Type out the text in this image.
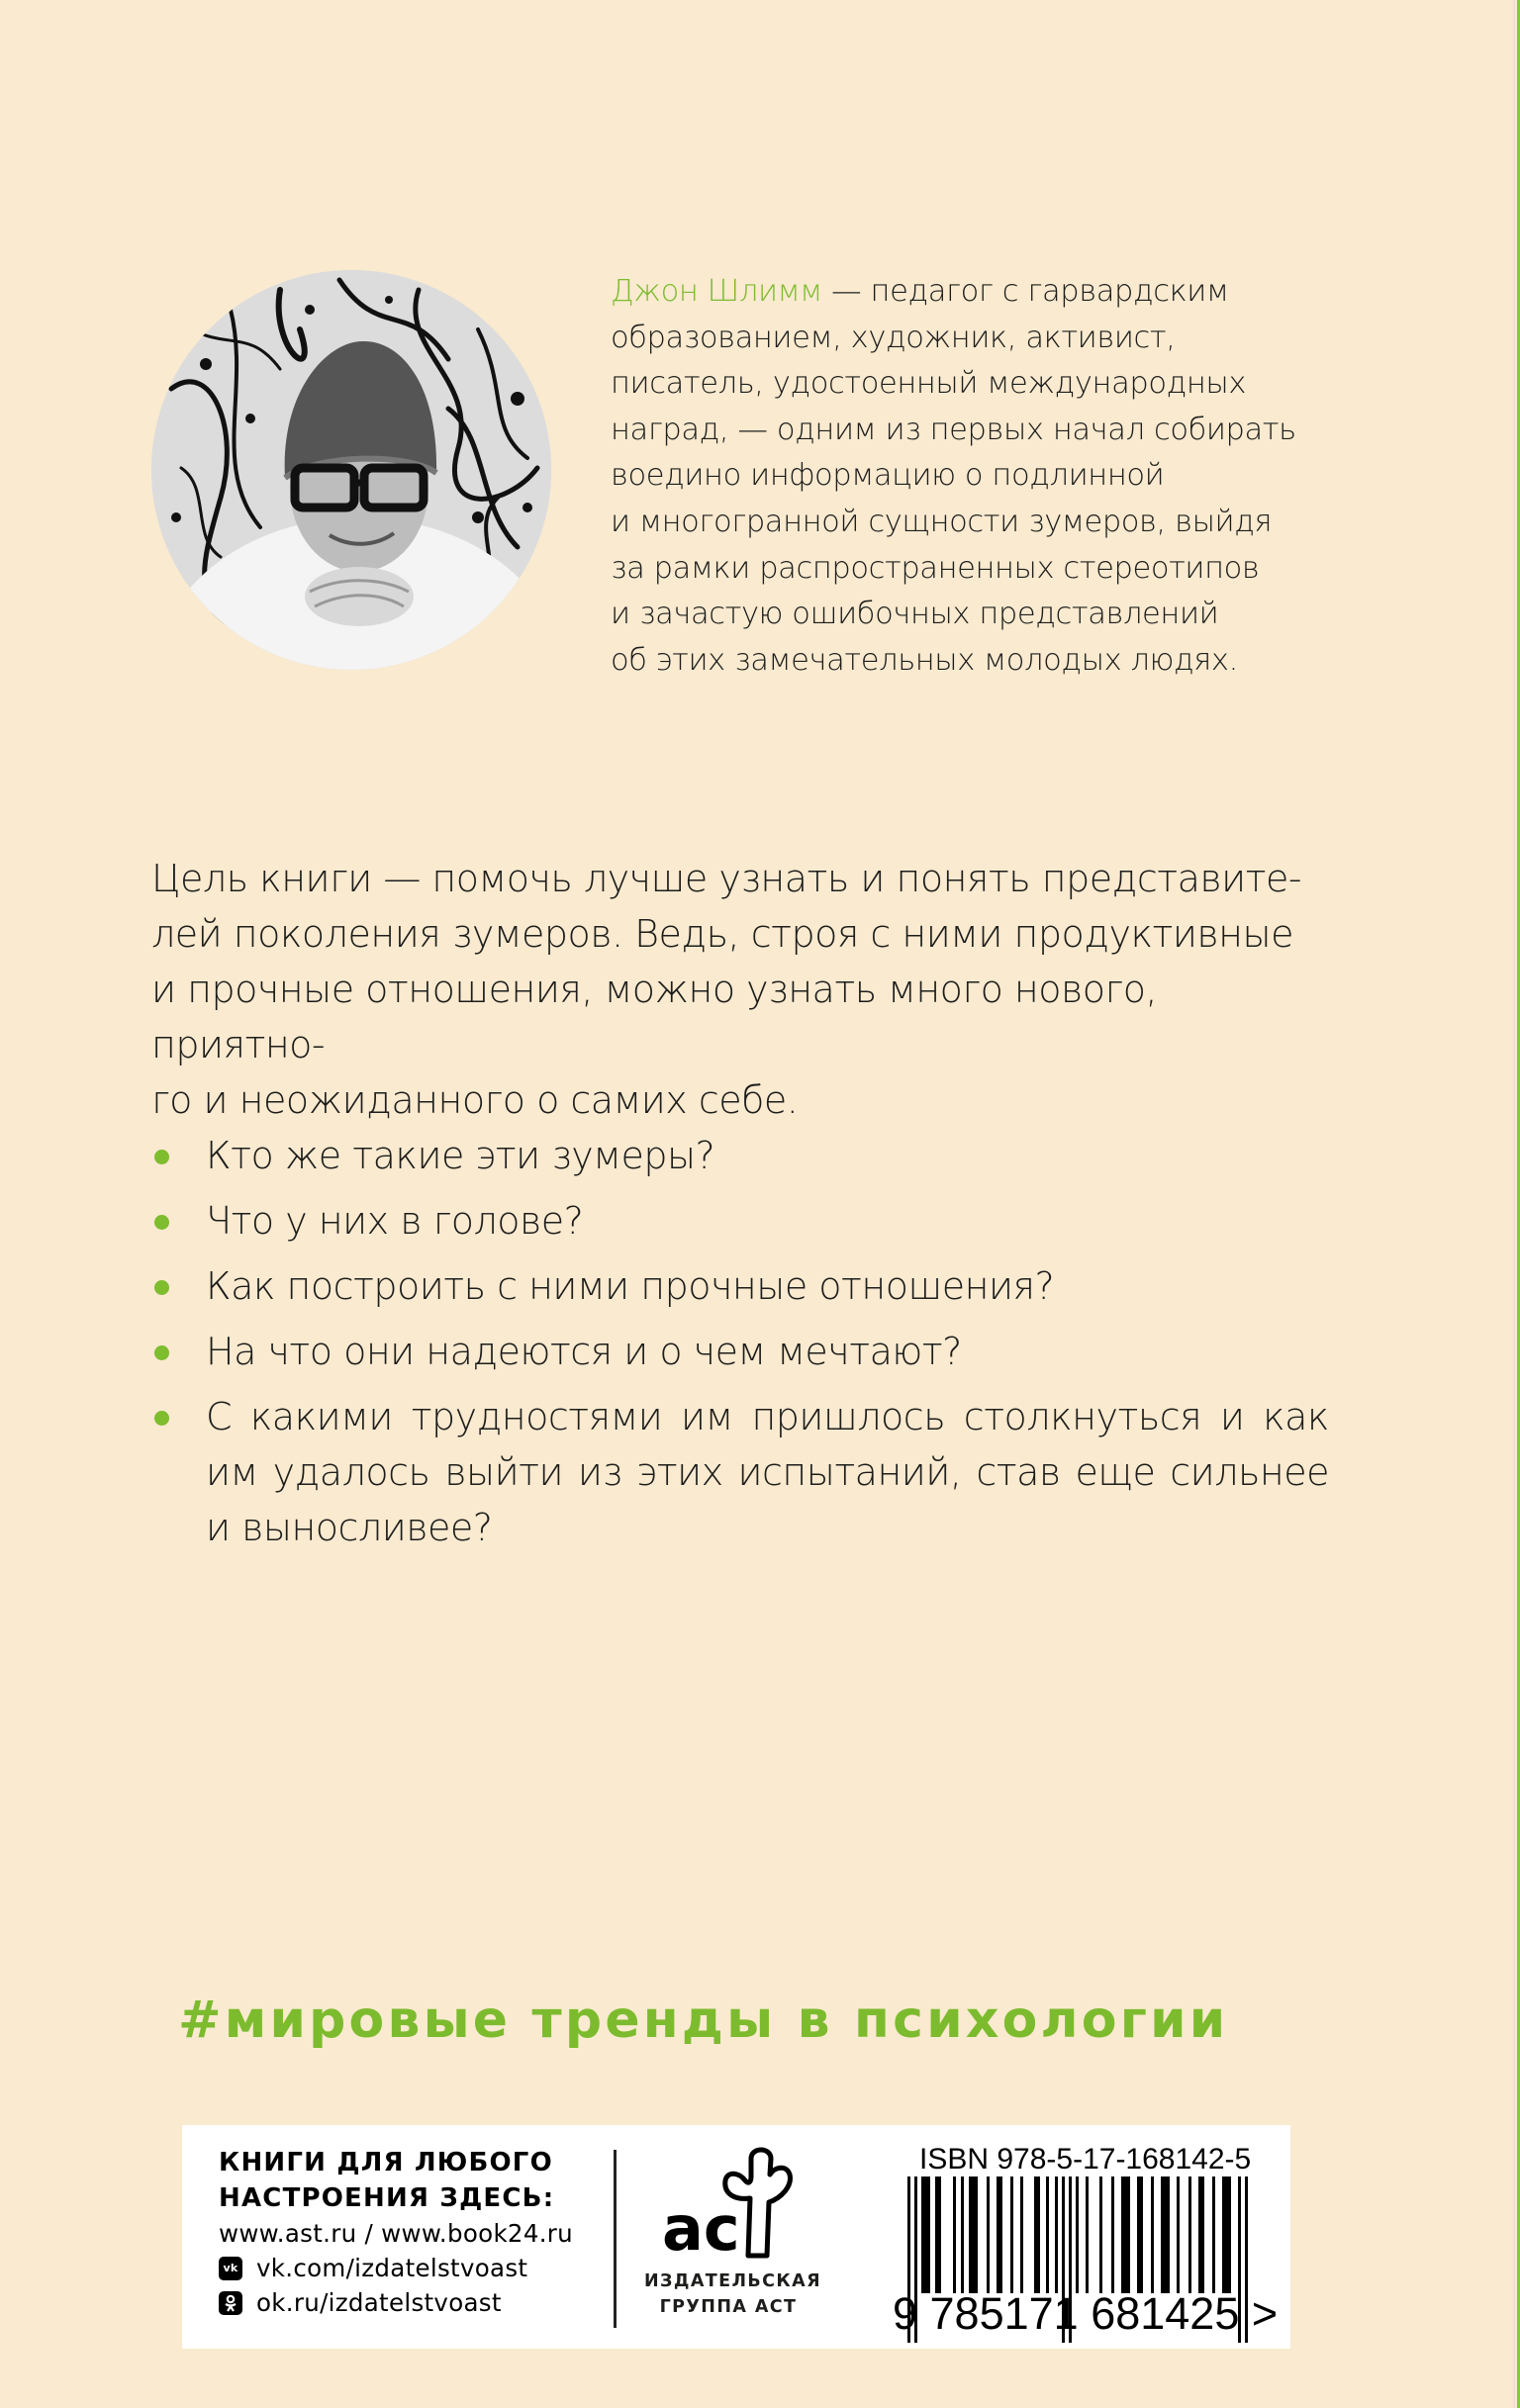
Джон Шлимм — педагог с гарвардским
образованием, художник, активист,
писатель, удостоенный международных
наград, — одним из первых начал собирать
воедино информацию о подлинной
и многогранной сущности зумеров, выйдя
за рамки распространенных стереотипов
и зачастую ошибочных представлений
об этих замечательных молодых людях.
Цель книги — помочь лучше узнать и понять представите-
лей поколения зумеров. Ведь, строя с ними продуктивные
и прочные отношения, можно узнать много нового, приятно-
го и неожиданного о самих себе.
Кто же такие эти зумеры?
Что у них в голове?
Как построить с ними прочные отношения?
На что они надеются и о чем мечтают?
С какими трудностями им пришлось столкнуться и как им удалось выйти из этих испытаний, став еще сильнее и выносливее?
#мировые тренды в психологии
КНИГИ ДЛЯ ЛЮБОГО
НАСТРОЕНИЯ ЗДЕСЬ:
www.ast.ru / www.book24.ru
vk vk.com/izdatelstvoast
ok.ru/izdatelstvoast
ас
ИЗДАТЕЛЬСКАЯ
ГРУППА АСТ
ISBN 978-5-17-168142-5
9 785171 681425 >
